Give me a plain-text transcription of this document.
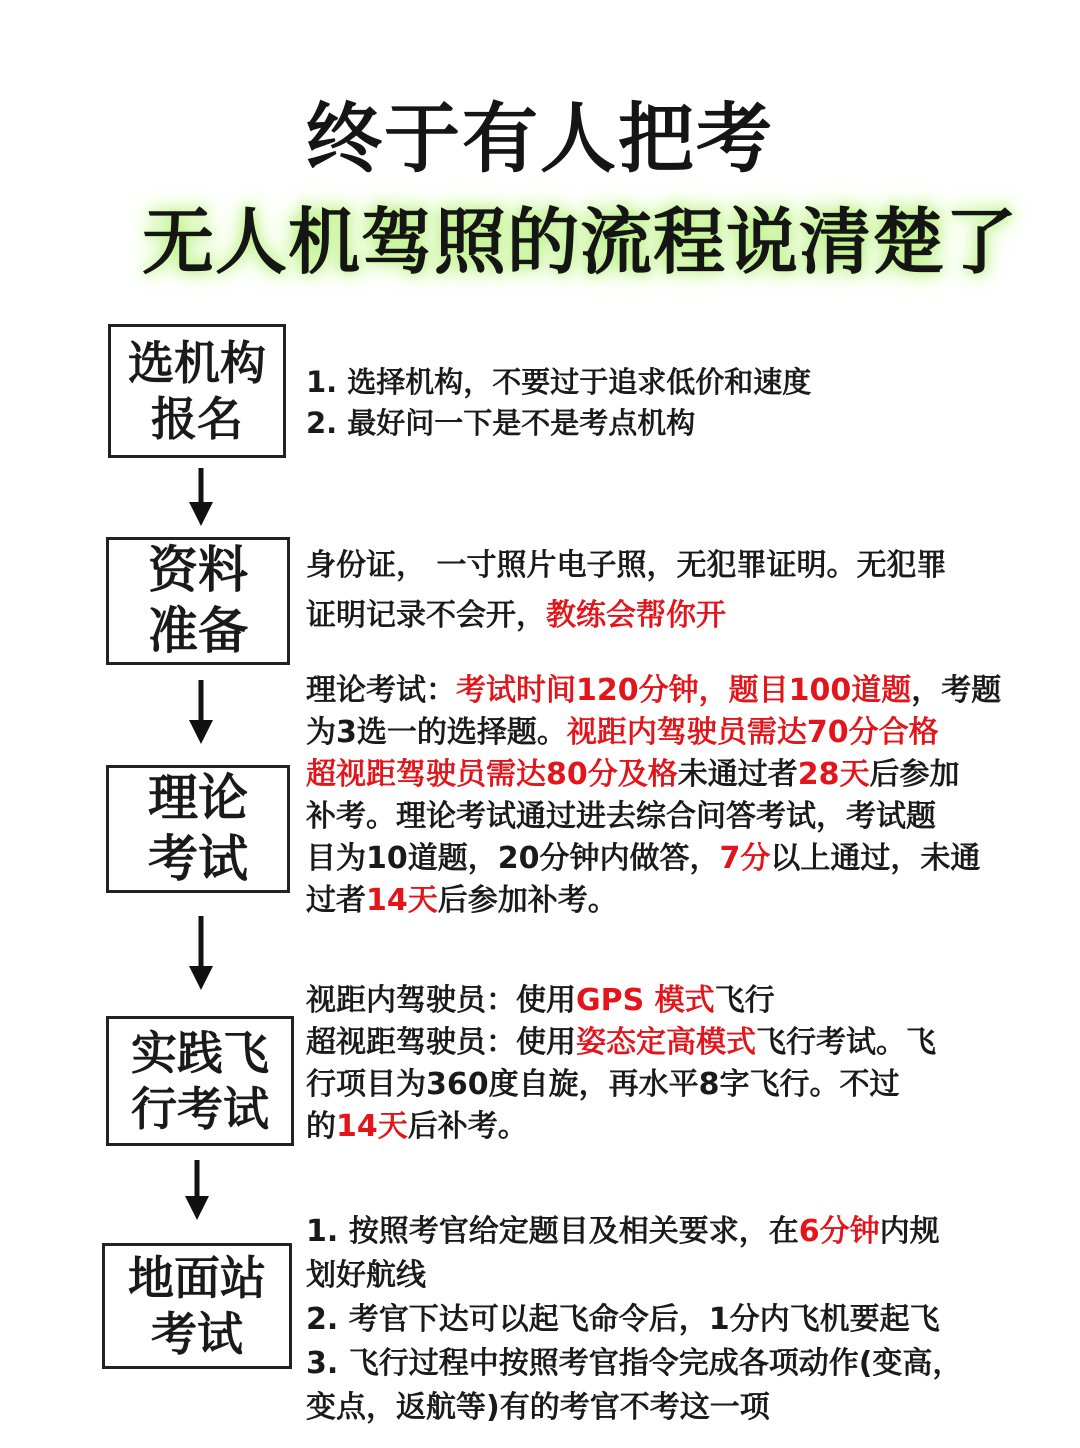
终于有人把考
无人机驾照的流程说清楚了
选机构
报名
资料
准备
理论
考试
实践飞
行考试
地面站
考试
1. 选择机构，不要过于追求低价和速度
2. 最好问一下是不是考点机构
身份证， 一寸照片电子照，无犯罪证明。无犯罪
证明记录不会开，教练会帮你开
理论考试：考试时间120分钟，题目100道题，考题
为3选一的选择题。视距内驾驶员需达70分合格
超视距驾驶员需达80分及格未通过者28天后参加
补考。理论考试通过进去综合问答考试，考试题
目为10道题，20分钟内做答，7分以上通过，未通
过者14天后参加补考。
视距内驾驶员：使用GPS 模式飞行
超视距驾驶员：使用姿态定高模式飞行考试。飞
行项目为360度自旋，再水平8字飞行。不过
的14天后补考。
1. 按照考官给定题目及相关要求，在6分钟内规
划好航线
2. 考官下达可以起飞命令后，1分内飞机要起飞
3. 飞行过程中按照考官指令完成各项动作(变高，
变点，返航等)有的考官不考这一项
